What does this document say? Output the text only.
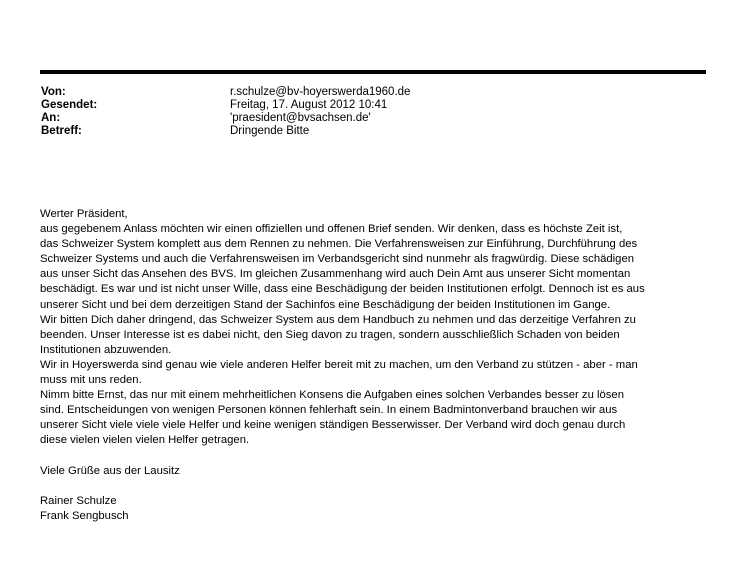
Von:	r.schulze@bv-hoyerswerda1960.de
Gesendet:	Freitag, 17. August 2012 10:41
An:	'praesident@bvsachsen.de'
Betreff:	Dringende Bitte
Werter Präsident,
aus gegebenem Anlass möchten wir einen offiziellen und offenen Brief senden. Wir denken, dass es höchste Zeit ist,
das Schweizer System komplett aus dem Rennen zu nehmen. Die Verfahrensweisen zur Einführung, Durchführung des
Schweizer Systems und auch die Verfahrensweisen im Verbandsgericht sind nunmehr als fragwürdig. Diese schädigen
aus unser Sicht das Ansehen des BVS. Im gleichen Zusammenhang wird auch Dein Amt aus unserer Sicht momentan
beschädigt. Es war und ist nicht unser Wille, dass eine Beschädigung der beiden Institutionen erfolgt. Dennoch ist es aus
unserer Sicht und bei dem derzeitigen Stand der Sachinfos eine Beschädigung der beiden Institutionen im Gange.
Wir bitten Dich daher dringend, das Schweizer System aus dem Handbuch zu nehmen und das derzeitige Verfahren zu
beenden. Unser Interesse ist es dabei nicht, den Sieg davon zu tragen, sondern ausschließlich Schaden von beiden
Institutionen abzuwenden.
Wir in Hoyerswerda sind genau wie viele anderen Helfer bereit mit zu machen, um den Verband zu stützen - aber - man
muss mit uns reden.
Nimm bitte Ernst, das nur mit einem mehrheitlichen Konsens die Aufgaben eines solchen Verbandes besser zu lösen
sind. Entscheidungen von wenigen Personen können fehlerhaft sein. In einem Badmintonverband brauchen wir aus
unserer Sicht viele viele viele Helfer und keine wenigen ständigen Besserwisser. Der Verband wird doch genau durch
diese vielen vielen vielen Helfer getragen.
Viele Grüße aus der Lausitz
Rainer Schulze
Frank Sengbusch
